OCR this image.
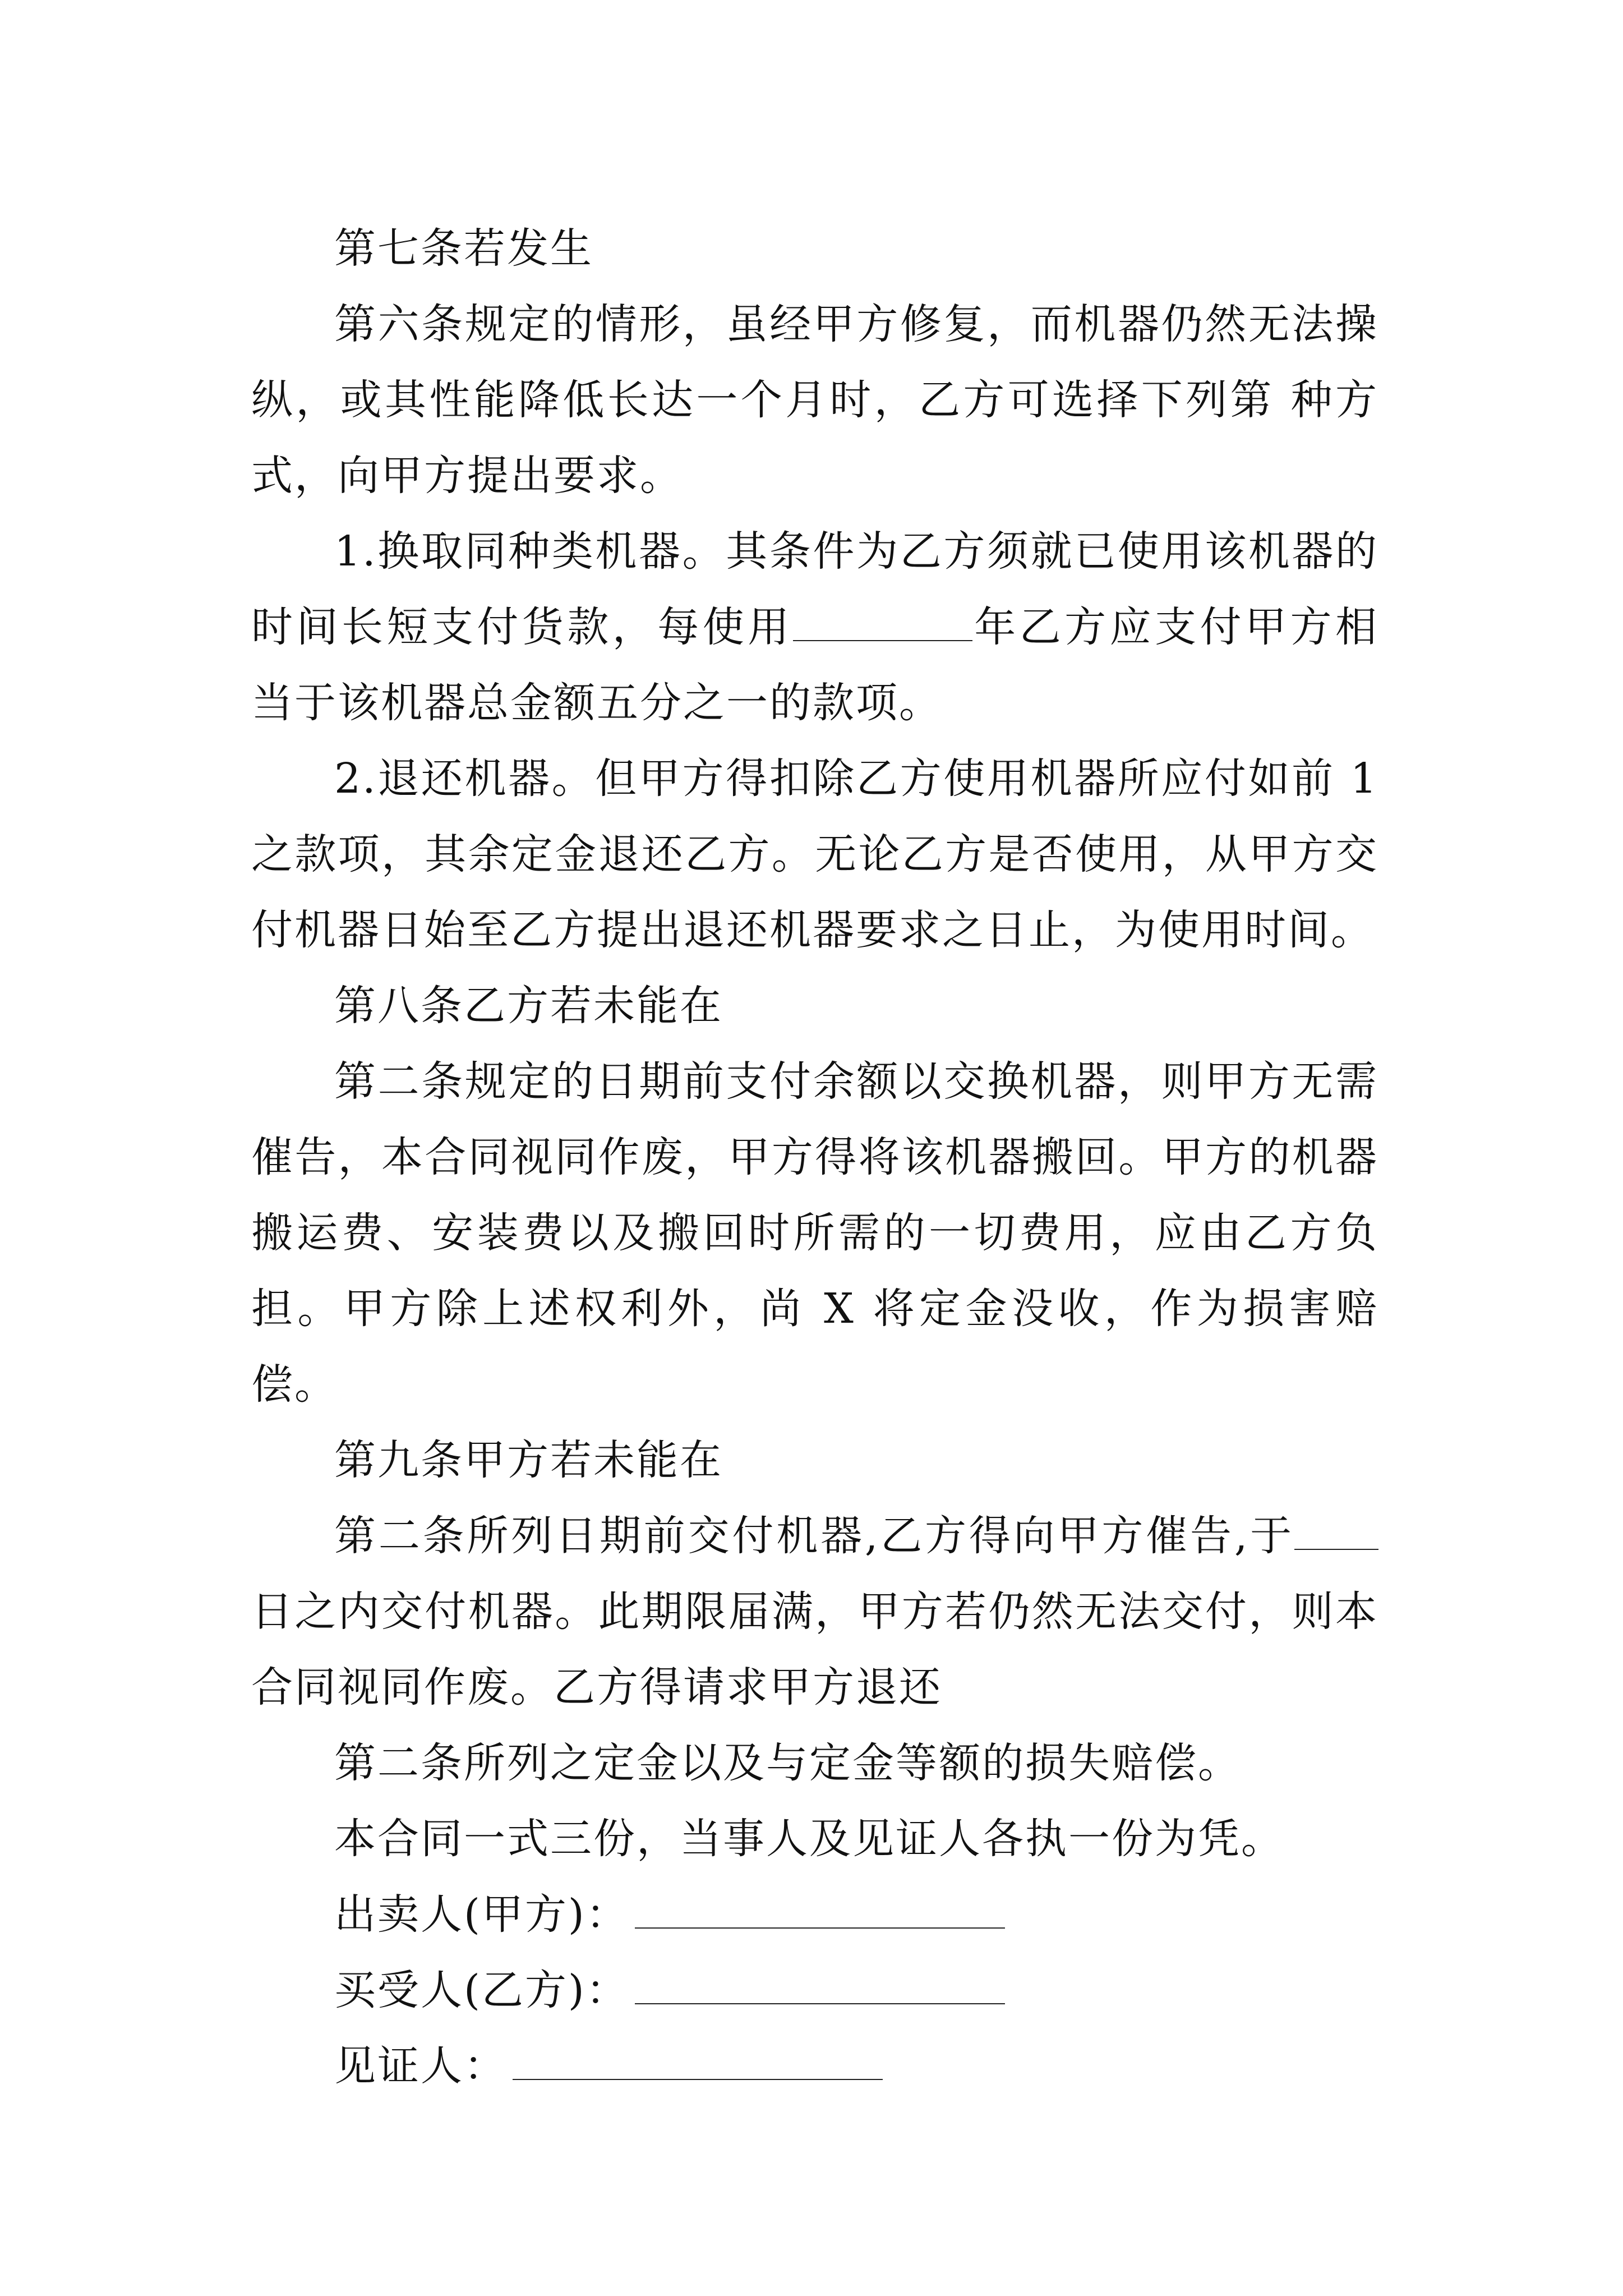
第七条若发生

第六条规定的情形，虽经甲方修复，而机器仍然无法操纵，或其性能降低长达一个月时，乙方可选择下列第 种方式，向甲方提出要求。

1.换取同种类机器。其条件为乙方须就已使用该机器的时间长短支付货款，每使用	年乙方应支付甲方相当于该机器总金额五分之一的款项。

2.退还机器。但甲方得扣除乙方使用机器所应付如前 1 之款项，其余定金退还乙方。无论乙方是否使用，从甲方交付机器日始至乙方提出退还机器要求之日止，为使用时间。

第八条乙方若未能在

第二条规定的日期前支付余额以交换机器，则甲方无需催告，本合同视同作废，甲方得将该机器搬回。甲方的机器搬运费、安装费以及搬回时所需的一切费用，应由乙方负担。甲方除上述权利外，尚 X 将定金没收，作为损害赔偿。

第九条甲方若未能在

第二条所列日期前交付机器,乙方得向甲方催告,于日之内交付机器。此期限届满，甲方若仍然无法交付，则本合同视同作废。乙方得请求甲方退还

第二条所列之定金以及与定金等额的损失赔偿。

本合同一式三份，当事人及见证人各执一份为凭。

出卖人(甲方)：

买受人(乙方)：

见证人：
